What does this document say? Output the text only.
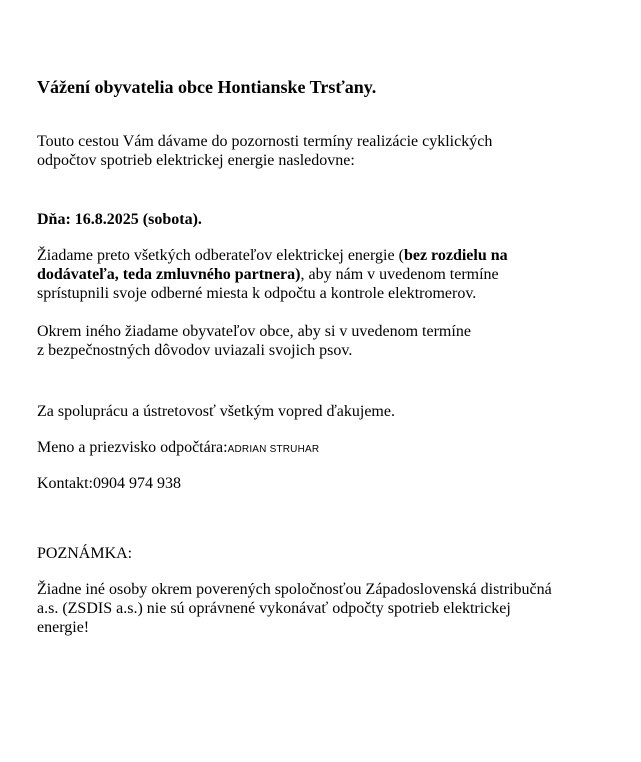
Vážení obyvatelia obce Hontianske Trsťany.

Touto cestou Vám dávame do pozornosti termíny realizácie cyklických
odpočtov spotrieb elektrickej energie nasledovne:

Dňa: 16.8.2025 (sobota).

Žiadame preto všetkých odberateľov elektrickej energie (bez rozdielu na
dodávateľa, teda zmluvného partnera), aby nám v uvedenom termíne
sprístupnili svoje odberné miesta k odpočtu a kontrole elektromerov.

Okrem iného žiadame obyvateľov obce, aby si v uvedenom termíne
z bezpečnostných dôvodov uviazali svojich psov.

Za spoluprácu a ústretovosť všetkým vopred ďakujeme.

Meno a priezvisko odpočtára:ADRIAN STRUHAR

Kontakt:0904 974 938

POZNÁMKA:

Žiadne iné osoby okrem poverených spoločnosťou Západoslovenská distribučná
a.s. (ZSDIS a.s.) nie sú oprávnené vykonávať odpočty spotrieb elektrickej
energie!
